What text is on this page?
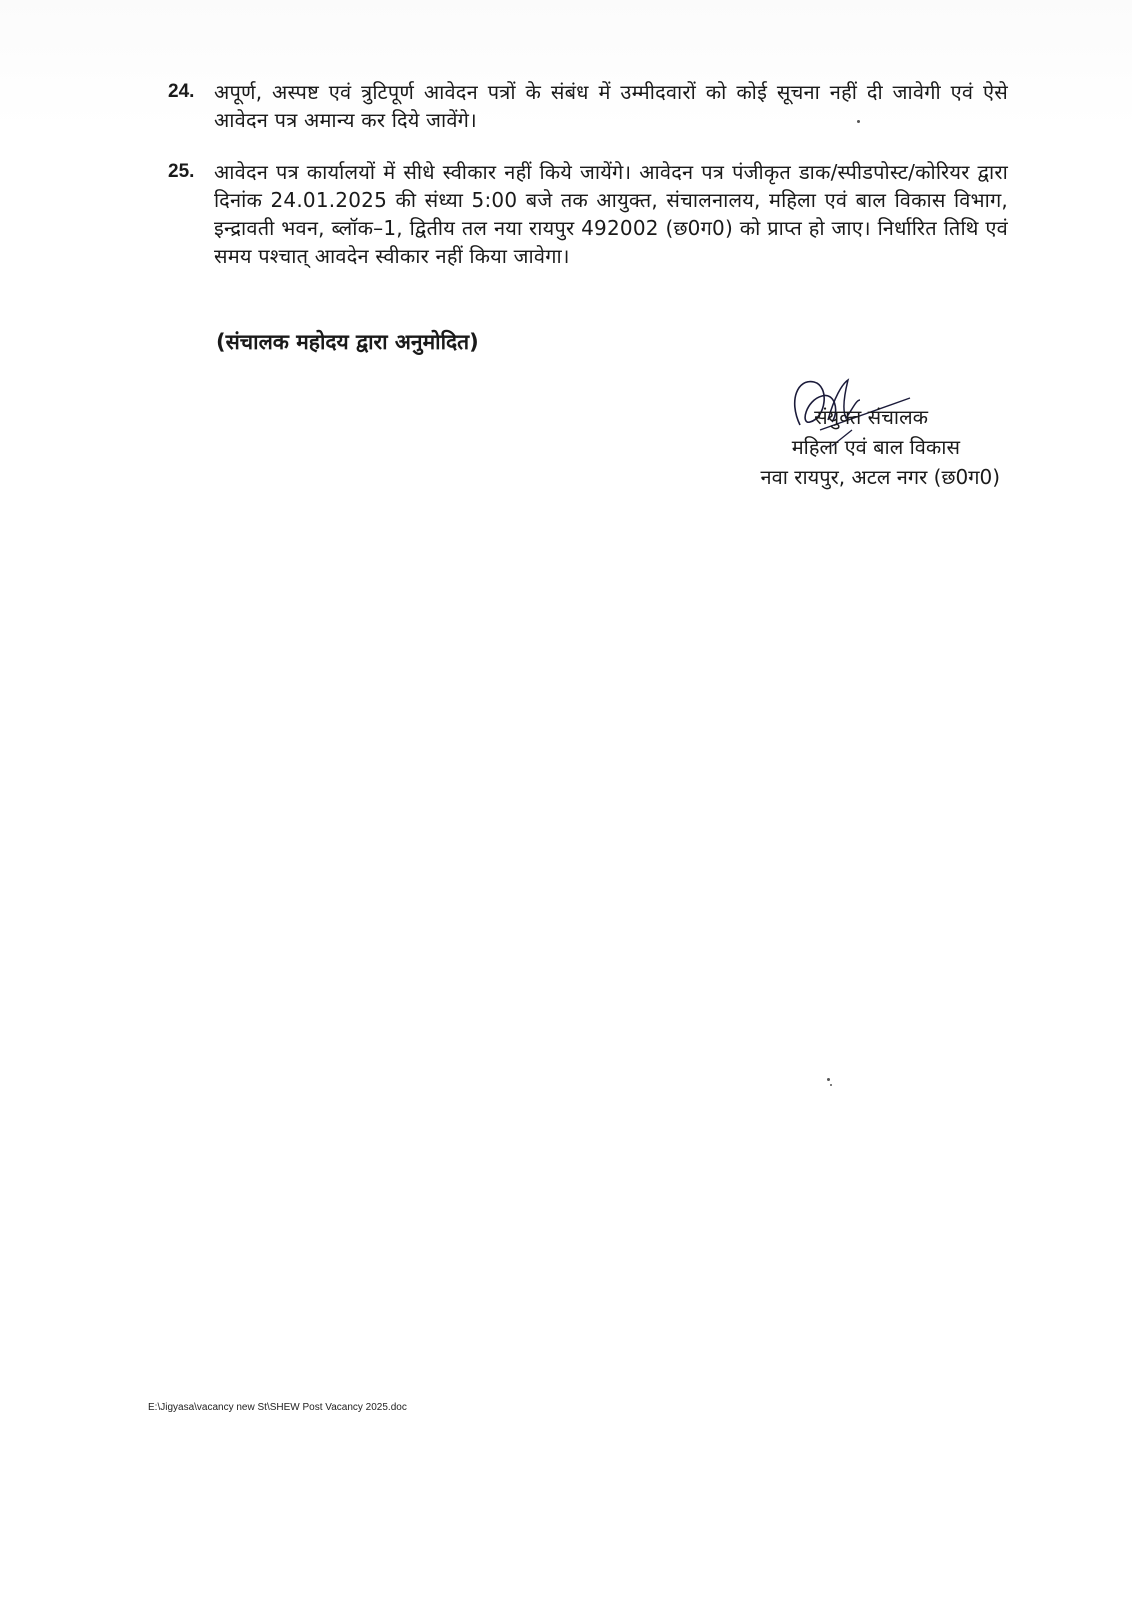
24. अपूर्ण, अस्पष्ट एवं त्रुटिपूर्ण आवेदन पत्रों के संबंध में उम्मीदवारों को कोई सूचना नहीं दी जावेगी एवं ऐसे आवेदन पत्र अमान्य कर दिये जावेंगे।
25. आवेदन पत्र कार्यालयों में सीधे स्वीकार नहीं किये जायेंगे। आवेदन पत्र पंजीकृत डाक/स्पीडपोस्ट/कोरियर द्वारा दिनांक 24.01.2025 की संध्या 5:00 बजे तक आयुक्त, संचालनालय, महिला एवं बाल विकास विभाग, इन्द्रावती भवन, ब्लॉक–1, द्वितीय तल नया रायपुर 492002 (छ0ग0) को प्राप्त हो जाए। निर्धारित तिथि एवं समय पश्चात् आवदेन स्वीकार नहीं किया जावेगा।
(संचालक महोदय द्वारा अनुमोदित)
संयुक्त संचालक
महिला एवं बाल विकास
नवा रायपुर, अटल नगर (छ0ग0)
E:\Jigyasa\vacancy new St\SHEW Post Vacancy 2025.doc
